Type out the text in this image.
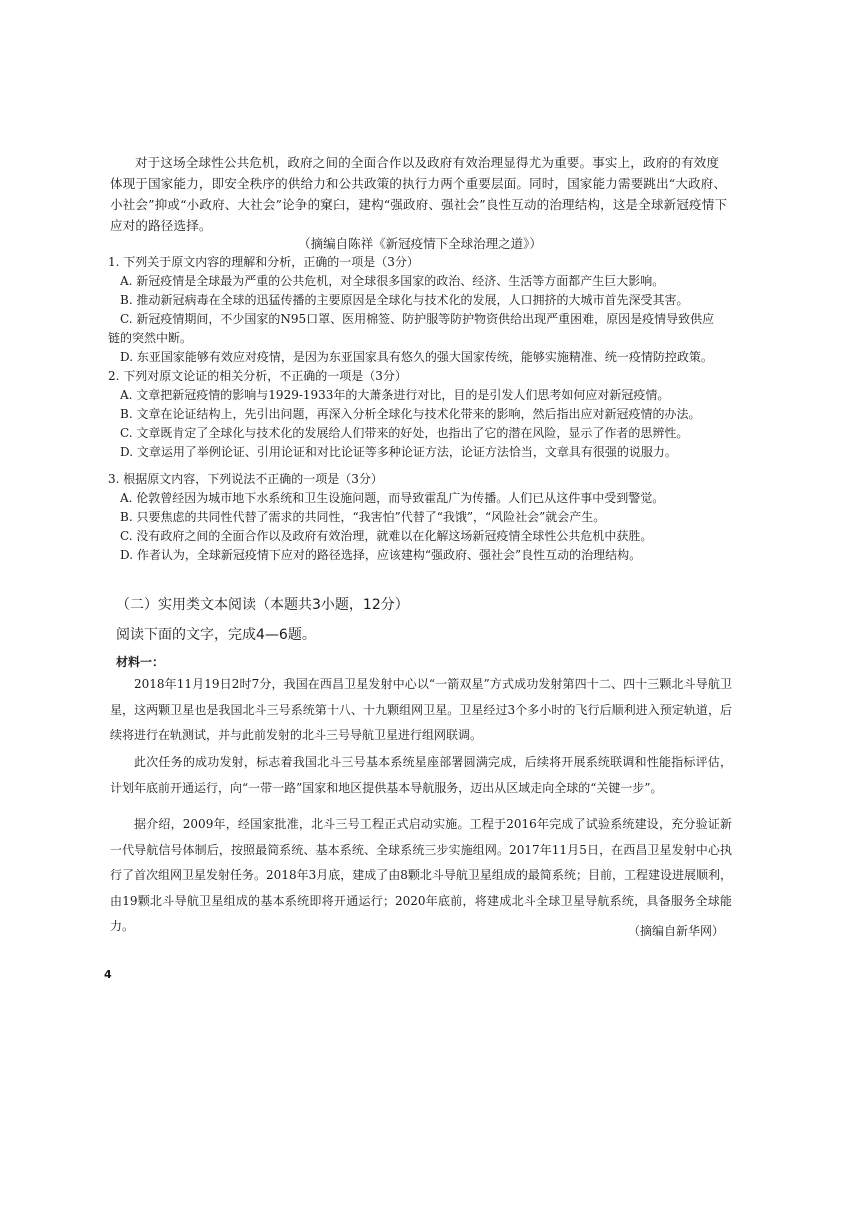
对于这场全球性公共危机，政府之间的全面合作以及政府有效治理显得尤为重要。事实上，政府的有效度体现于国家能力，即安全秩序的供给力和公共政策的执行力两个重要层面。同时，国家能力需要跳出“大政府、小社会”抑或“小政府、大社会”论争的窠臼，建构“强政府、强社会”良性互动的治理结构，这是全球新冠疫情下应对的路径选择。

（摘编自陈祥《新冠疫情下全球治理之道》）

1. 下列关于原文内容的理解和分析，正确的一项是（3分）

A. 新冠疫情是全球最为严重的公共危机，对全球很多国家的政治、经济、生活等方面都产生巨大影响。

B. 推动新冠病毒在全球的迅猛传播的主要原因是全球化与技术化的发展，人口拥挤的大城市首先深受其害。

C. 新冠疫情期间，不少国家的N95口罩、医用棉签、防护服等防护物资供给出现严重困难，原因是疫情导致供应

链的突然中断。

D. 东亚国家能够有效应对疫情，是因为东亚国家具有悠久的强大国家传统，能够实施精准、统一疫情防控政策。

2. 下列对原文论证的相关分析，不正确的一项是（3分）

A. 文章把新冠疫情的影响与1929-1933年的大萧条进行对比，目的是引发人们思考如何应对新冠疫情。

B. 文章在论证结构上，先引出问题，再深入分析全球化与技术化带来的影响，然后指出应对新冠疫情的办法。

C. 文章既肯定了全球化与技术化的发展给人们带来的好处，也指出了它的潜在风险，显示了作者的思辨性。

D. 文章运用了举例论证、引用论证和对比论证等多种论证方法，论证方法恰当，文章具有很强的说服力。

3. 根据原文内容，下列说法不正确的一项是（3分）

A. 伦敦曾经因为城市地下水系统和卫生设施问题，而导致霍乱广为传播。人们已从这件事中受到警觉。

B. 只要焦虑的共同性代替了需求的共同性，“我害怕”代替了“我饿”，“风险社会”就会产生。

C. 没有政府之间的全面合作以及政府有效治理，就难以在化解这场新冠疫情全球性公共危机中获胜。

D. 作者认为，全球新冠疫情下应对的路径选择，应该建构“强政府、强社会”良性互动的治理结构。

（二）实用类文本阅读（本题共3小题，12分）

阅读下面的文字，完成4—6题。

材料一：

2018年11月19日2时7分，我国在西昌卫星发射中心以“一箭双星”方式成功发射第四十二、四十三颗北斗导航卫星，这两颗卫星也是我国北斗三号系统第十八、十九颗组网卫星。卫星经过3个多小时的飞行后顺利进入预定轨道，后续将进行在轨测试，并与此前发射的北斗三号导航卫星进行组网联调。

此次任务的成功发射，标志着我国北斗三号基本系统星座部署圆满完成，后续将开展系统联调和性能指标评估，计划年底前开通运行，向“一带一路”国家和地区提供基本导航服务，迈出从区域走向全球的“关键一步”。

据介绍，2009年，经国家批准，北斗三号工程正式启动实施。工程于2016年完成了试验系统建设，充分验证新一代导航信号体制后，按照最简系统、基本系统、全球系统三步实施组网。2017年11月5日，在西昌卫星发射中心执行了首次组网卫星发射任务。2018年3月底，建成了由8颗北斗导航卫星组成的最简系统；目前，工程建设进展顺利，由19颗北斗导航卫星组成的基本系统即将开通运行；2020年底前，将建成北斗全球卫星导航系统，具备服务全球能力。	（摘编自新华网）

4
